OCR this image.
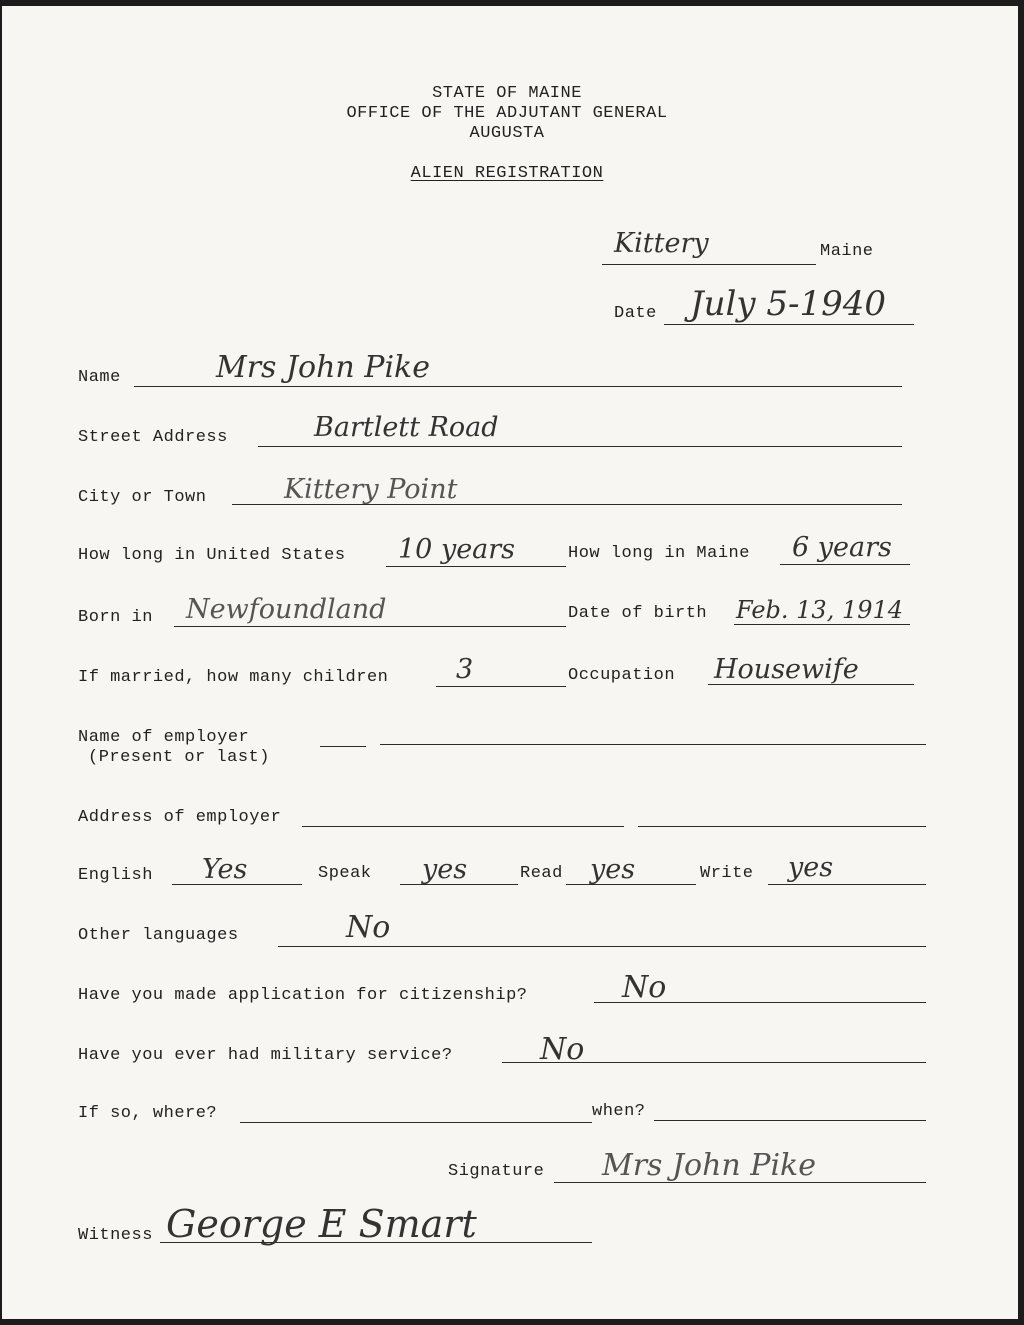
STATE OF MAINE
OFFICE OF THE ADJUTANT GENERAL
AUGUSTA
ALIEN REGISTRATION
Kittery	Maine
Date July 5-1940
Name	Mrs John Pike
Street Address	Bartlett Road
City or Town	Kittery Point
How long in United States 10 years	How long in Maine 6 years
Born in Newfoundland	Date of birth Feb. 13, 1914
If married, how many children	3	Occupation Housewife
Name of employer
(Present or last)
Address of employer
English Yes	Speak yes	Read yes	Write yes
Other languages	No
Have you made application for citizenship?	No
Have you ever had military service?	No
If so, where?	when?
Signature Mrs John Pike
Witness George E Smart
